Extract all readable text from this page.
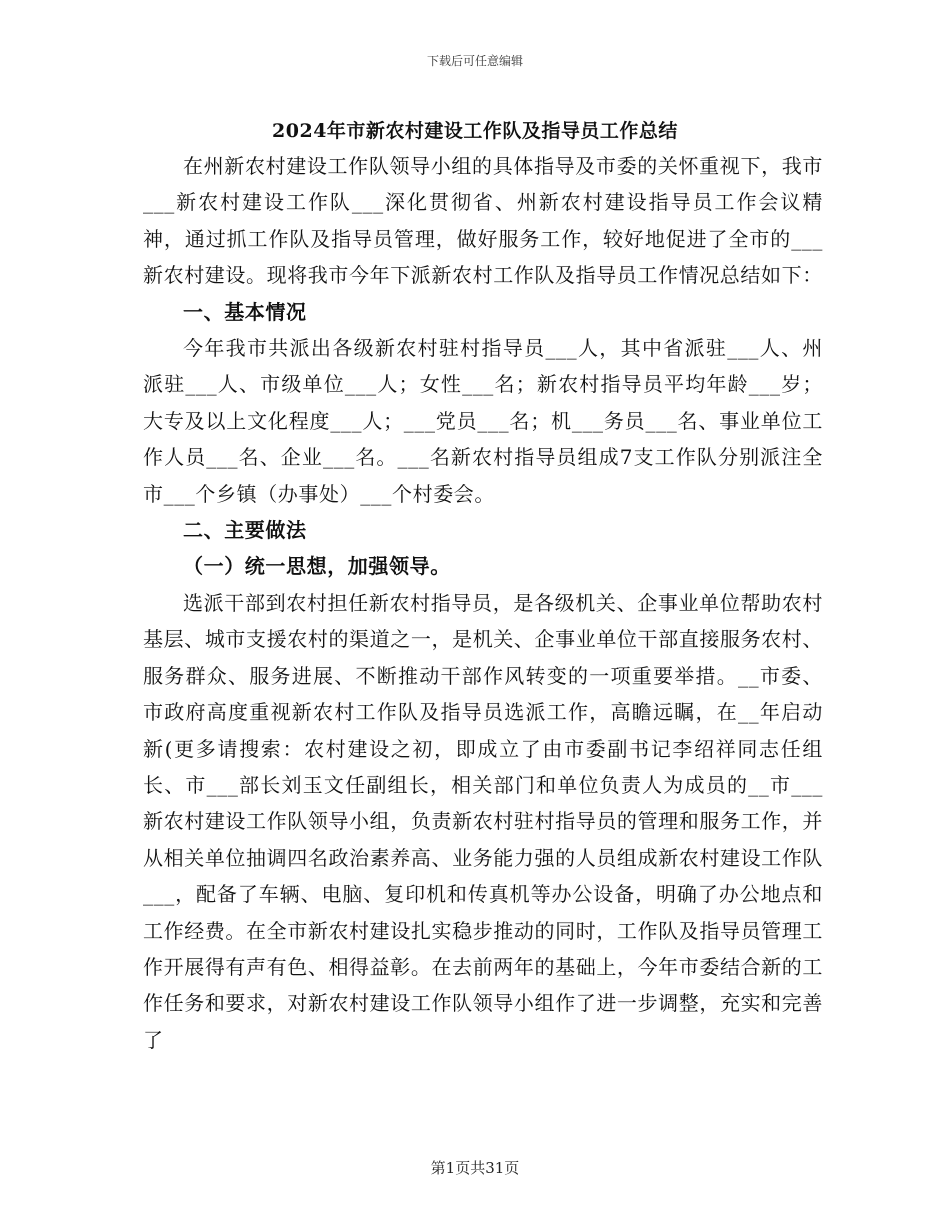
下载后可任意编辑
2024年市新农村建设工作队及指导员工作总结

在州新农村建设工作队领导小组的具体指导及市委的关怀重视下，我市___新农村建设工作队___深化贯彻省、州新农村建设指导员工作会议精神，通过抓工作队及指导员管理，做好服务工作，较好地促进了全市的___新农村建设。现将我市今年下派新农村工作队及指导员工作情况总结如下：

一、基本情况

今年我市共派出各级新农村驻村指导员___人，其中省派驻___人、州派驻___人、市级单位___人；女性___名；新农村指导员平均年龄___岁；大专及以上文化程度___人；___党员___名；机___务员___名、事业单位工作人员___名、企业___名。___名新农村指导员组成7支工作队分别派注全市___个乡镇（办事处）___个村委会。

二、主要做法

（一）统一思想，加强领导。

选派干部到农村担任新农村指导员，是各级机关、企事业单位帮助农村基层、城市支援农村的渠道之一，是机关、企事业单位干部直接服务农村、服务群众、服务进展、不断推动干部作风转变的一项重要举措。__市委、市政府高度重视新农村工作队及指导员选派工作，高瞻远瞩，在__年启动新(更多请搜索：农村建设之初，即成立了由市委副书记李绍祥同志任组长、市___部长刘玉文任副组长，相关部门和单位负责人为成员的__市___新农村建设工作队领导小组，负责新农村驻村指导员的管理和服务工作，并从相关单位抽调四名政治素养高、业务能力强的人员组成新农村建设工作队___，配备了车辆、电脑、复印机和传真机等办公设备，明确了办公地点和工作经费。在全市新农村建设扎实稳步推动的同时，工作队及指导员管理工作开展得有声有色、相得益彰。在去前两年的基础上，今年市委结合新的工作任务和要求，对新农村建设工作队领导小组作了进一步调整，充实和完善了

第1页共31页
